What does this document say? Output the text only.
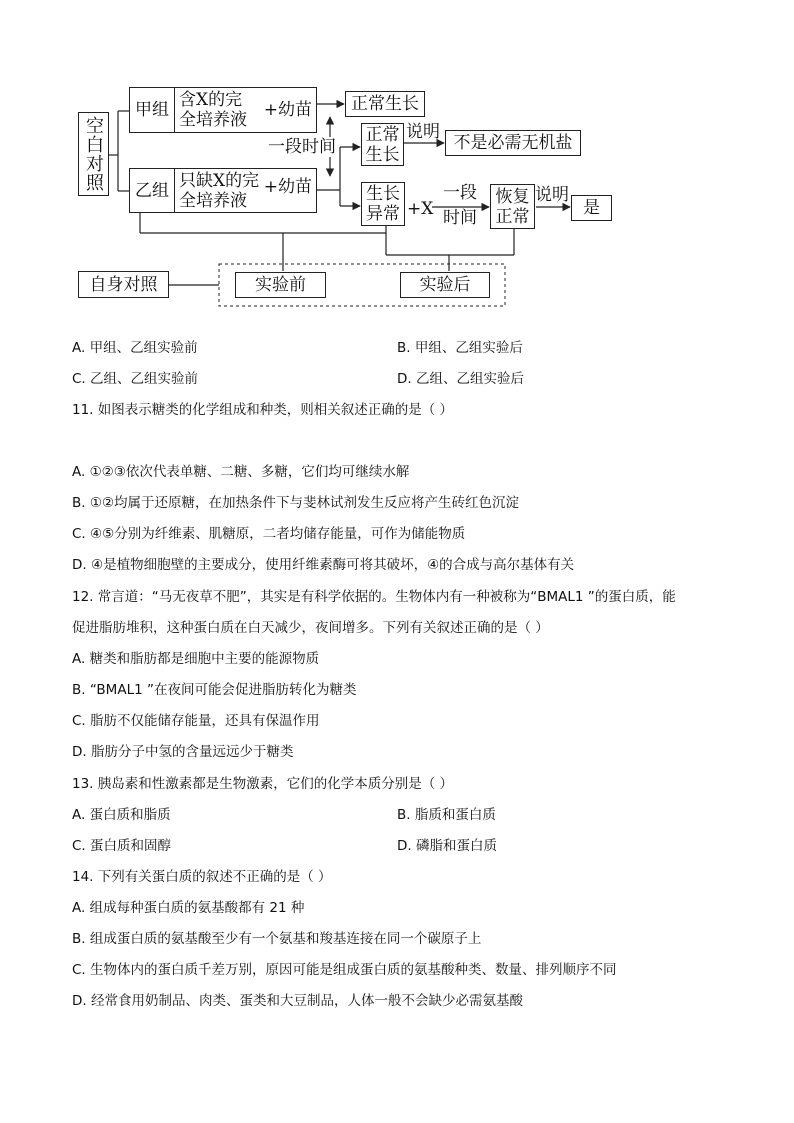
空白对照
甲组 含X的完
全培养液 +幼苗	正常生长
乙组 只缺X的完
全培养液
+幼苗
一段时间
正常
生长
说明
不是必需无机盐
生长
异常 +X
一段
时间
恢复
正常
说明
是
自身对照	实验前	实验后
A. 甲组、乙组实验前	B. 甲组、乙组实验后
C. 乙组、乙组实验前	D. 乙组、乙组实验后
11. 如图表示糖类的化学组成和种类，则相关叙述正确的是（ ）
A. ①②③依次代表单糖、二糖、多糖，它们均可继续水解
B. ①②均属于还原糖，在加热条件下与斐林试剂发生反应将产生砖红色沉淀
C. ④⑤分别为纤维素、肌糖原，二者均储存能量，可作为储能物质
D. ④是植物细胞壁的主要成分，使用纤维素酶可将其破坏，④的合成与高尔基体有关
12. 常言道：“马无夜草不肥”，其实是有科学依据的。生物体内有一种被称为“BMAL1 ”的蛋白质，能
促进脂肪堆积，这种蛋白质在白天减少，夜间增多。下列有关叙述正确的是（ ）
A. 糖类和脂肪都是细胞中主要的能源物质
B. “BMAL1 ”在夜间可能会促进脂肪转化为糖类
C. 脂肪不仅能储存能量，还具有保温作用
D. 脂肪分子中氢的含量远远少于糖类
13. 胰岛素和性激素都是生物激素，它们的化学本质分别是（ ）
A. 蛋白质和脂质	B. 脂质和蛋白质
C. 蛋白质和固醇	D. 磷脂和蛋白质
14. 下列有关蛋白质的叙述不正确的是（ ）
A. 组成每种蛋白质的氨基酸都有 21 种
B. 组成蛋白质的氨基酸至少有一个氨基和羧基连接在同一个碳原子上
C. 生物体内的蛋白质千差万别，原因可能是组成蛋白质的氨基酸种类、数量、排列顺序不同
D. 经常食用奶制品、肉类、蛋类和大豆制品，人体一般不会缺少必需氨基酸
